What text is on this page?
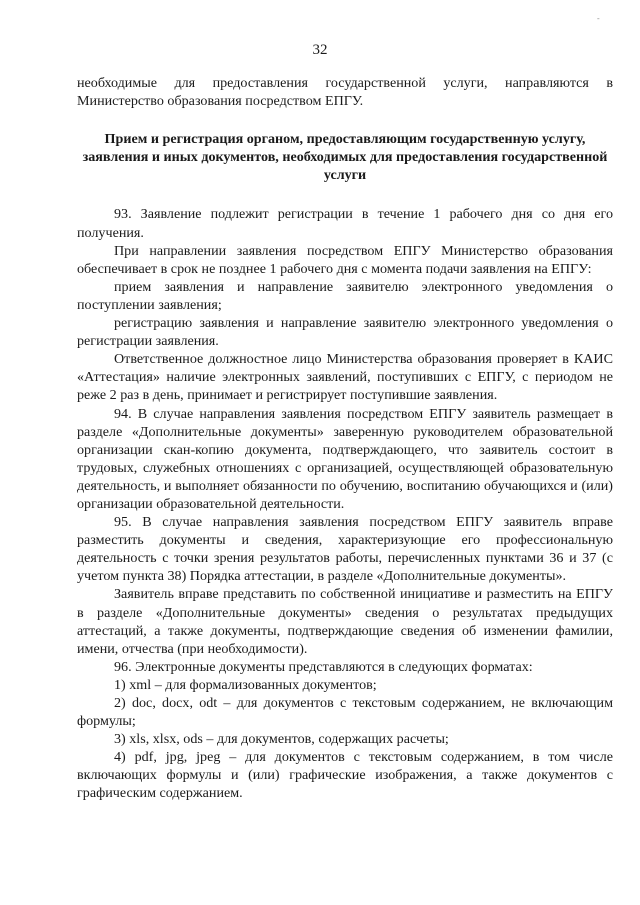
-
32

необходимые для предоставления государственной услуги, направляются в Министерство образования посредством ЕПГУ.

Прием и регистрация органом, предоставляющим государственную услугу, заявления и иных документов, необходимых для предоставления государственной услуги

93. Заявление подлежит регистрации в течение 1 рабочего дня со дня его получения.

При направлении заявления посредством ЕПГУ Министерство образования обеспечивает в срок не позднее 1 рабочего дня с момента подачи заявления на ЕПГУ:

прием заявления и направление заявителю электронного уведомления о поступлении заявления;

регистрацию заявления и направление заявителю электронного уведомления о регистрации заявления.

Ответственное должностное лицо Министерства образования проверяет в КАИС «Аттестация» наличие электронных заявлений, поступивших с ЕПГУ, с периодом не реже 2 раз в день, принимает и регистрирует поступившие заявления.

94. В случае направления заявления посредством ЕПГУ заявитель размещает в разделе «Дополнительные документы» заверенную руководителем образовательной организации скан-копию документа, подтверждающего, что заявитель состоит в трудовых, служебных отношениях с организацией, осуществляющей образовательную деятельность, и выполняет обязанности по обучению, воспитанию обучающихся и (или) организации образовательной деятельности.

95. В случае направления заявления посредством ЕПГУ заявитель вправе разместить документы и сведения, характеризующие его профессиональную деятельность с точки зрения результатов работы, перечисленных пунктами 36 и 37 (с учетом пункта 38) Порядка аттестации, в разделе «Дополнительные документы».

Заявитель вправе представить по собственной инициативе и разместить на ЕПГУ в разделе «Дополнительные документы» сведения о результатах предыдущих аттестаций, а также документы, подтверждающие сведения об изменении фамилии, имени, отчества (при необходимости).

96. Электронные документы представляются в следующих форматах:

1) xml – для формализованных документов;

2) doc, docx, odt – для документов с текстовым содержанием, не включающим формулы;

3) xls, xlsx, ods – для документов, содержащих расчеты;

4) pdf, jpg, jpeg – для документов с текстовым содержанием, в том числе включающих формулы и (или) графические изображения, а также документов с графическим содержанием.
